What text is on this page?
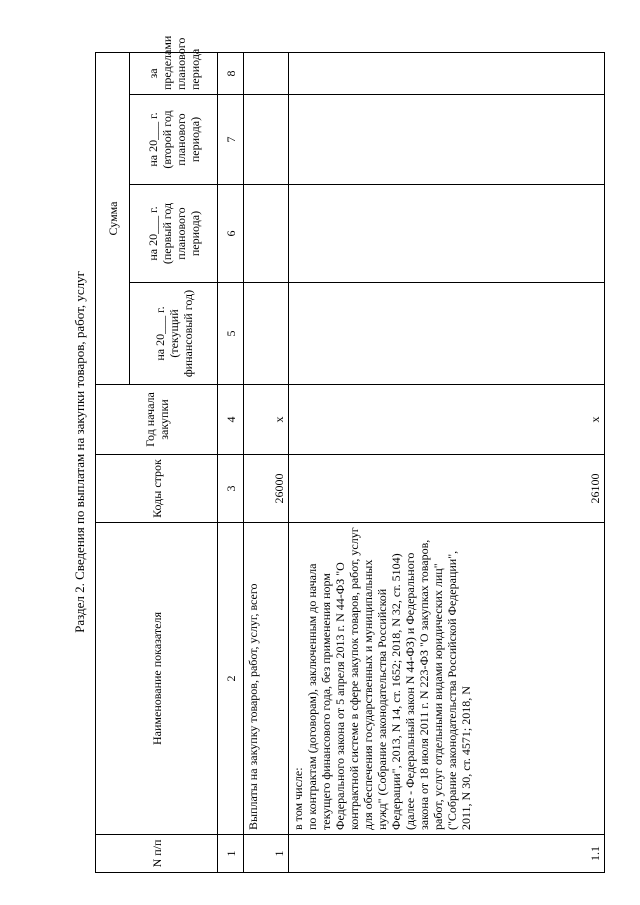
Раздел 2. Сведения по выплатам на закупки товаров, работ, услуг
N п/п	Наименование показателя	Коды строк	Год начала закупки	Сумма			
				на 20___ г. (текущий финансовый год)	на 20___ г. (первый год планового периода)	на 20___ г. (второй год планового периода)	за пределами планового периода
1	2	3	4	5	6	7	8
1	Выплаты на закупку товаров, работ, услуг, всего	26000	x				
1.1	в том числе:
по контрактам (договорам), заключенным до начала текущего финансового года, без применения норм Федерального закона от 5 апреля 2013 г. N 44-ФЗ "О контрактной системе в сфере закупок товаров, работ, услуг для обеспечения государственных и муниципальных нужд" (Собрание законодательства Российской Федерации", 2013, N 14, ст. 1652; 2018, N 32, ст. 5104) (далее - Федеральный закон N 44-ФЗ) и Федерального закона от 18 июля 2011 г. N 223-ФЗ "О закупках товаров, работ, услуг отдельными видами юридических лиц" ("Собрание законодательства Российской Федерации", 2011, N 30, ст. 4571; 2018, N	26100	x				
